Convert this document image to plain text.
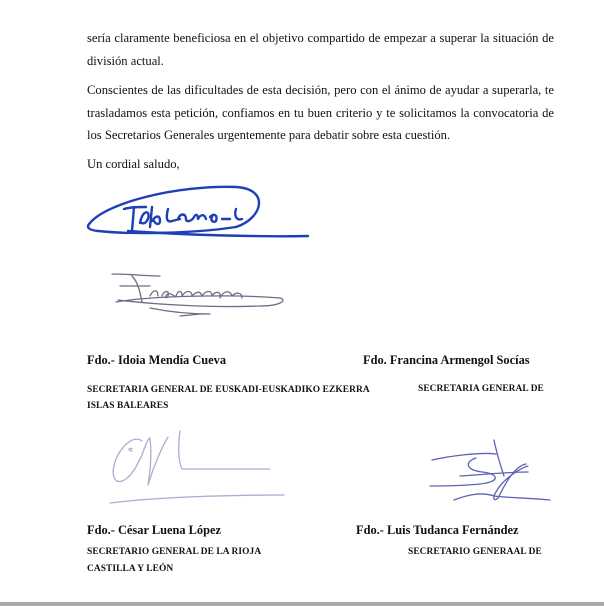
sería claramente beneficiosa en el objetivo compartido de empezar a superar la situación de división actual.

Conscientes de las dificultades de esta decisión, pero con el ánimo de ayudar a superarla, te trasladamos esta petición, confiamos en tu buen criterio y te solicitamos la convocatoria de los Secretarios Generales urgentemente para debatir sobre esta cuestión.

Un cordial saludo,

Fdo.- Idoia Mendía Cueva	Fdo. Francina Armengol Socías
SECRETARIA GENERAL DE EUSKADI-EUSKADIKO EZKERRA	SECRETARIA GENERAL DE
ISLAS BALEARES
Fdo.- César Luena López	Fdo.- Luis Tudanca Fernández
SECRETARIO GENERAL DE LA RIOJA	SECRETARIO GENERAAL DE
CASTILLA Y LEÓN
